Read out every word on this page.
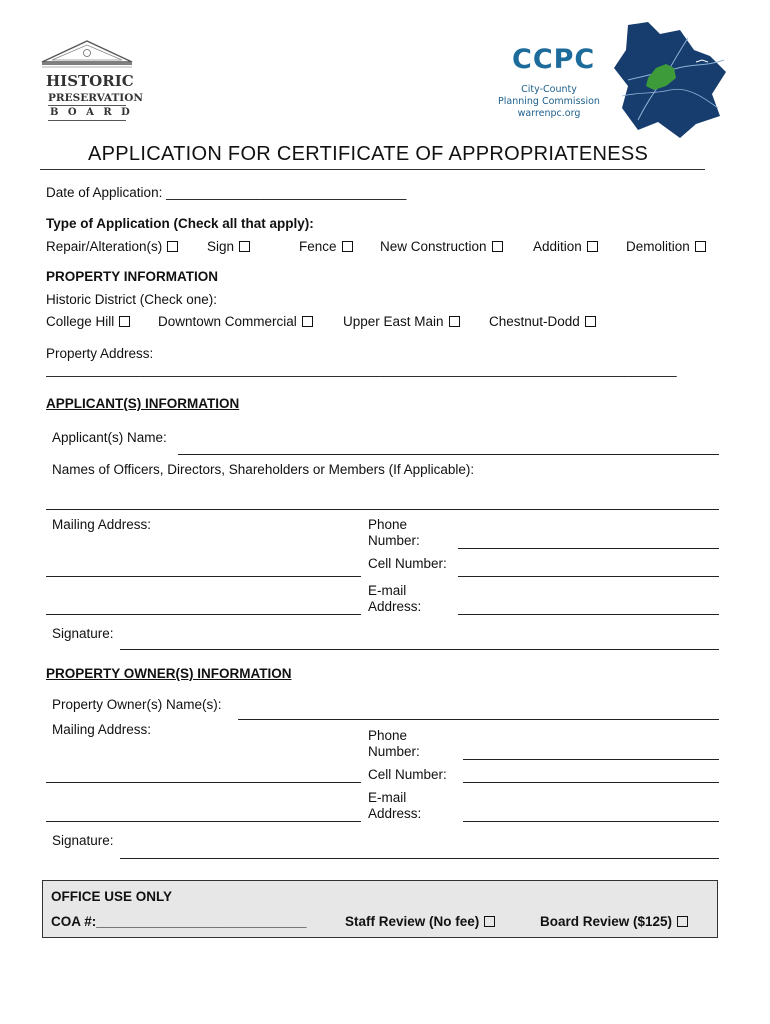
HISTORIC
PRESERVATION
B O A R D
CCPC
City-County
Planning Commission
warrenpc.org
APPLICATION FOR CERTIFICATE OF APPROPRIATENESS
Date of Application: ________________________________
Type of Application (Check all that apply):
Repair/Alteration(s)	Sign	Fence	New Construction	Addition	Demolition
PROPERTY INFORMATION
Historic District (Check one):
College Hill	Downtown Commercial	Upper East Main	Chestnut-Dodd
Property Address:
____________________________________________________________________________________
APPLICANT(S) INFORMATION
Applicant(s) Name:
Names of Officers, Directors, Shareholders or Members (If Applicable):
Mailing Address:	Phone Number:
Cell Number:
E-mail Address:
Signature:
PROPERTY OWNER(S) INFORMATION
Property Owner(s) Name(s):
Mailing Address:	Phone Number:
Cell Number:
E-mail Address:
Signature:
OFFICE USE ONLY
COA #:____________________________	Staff Review (No fee)	Board Review ($125)
